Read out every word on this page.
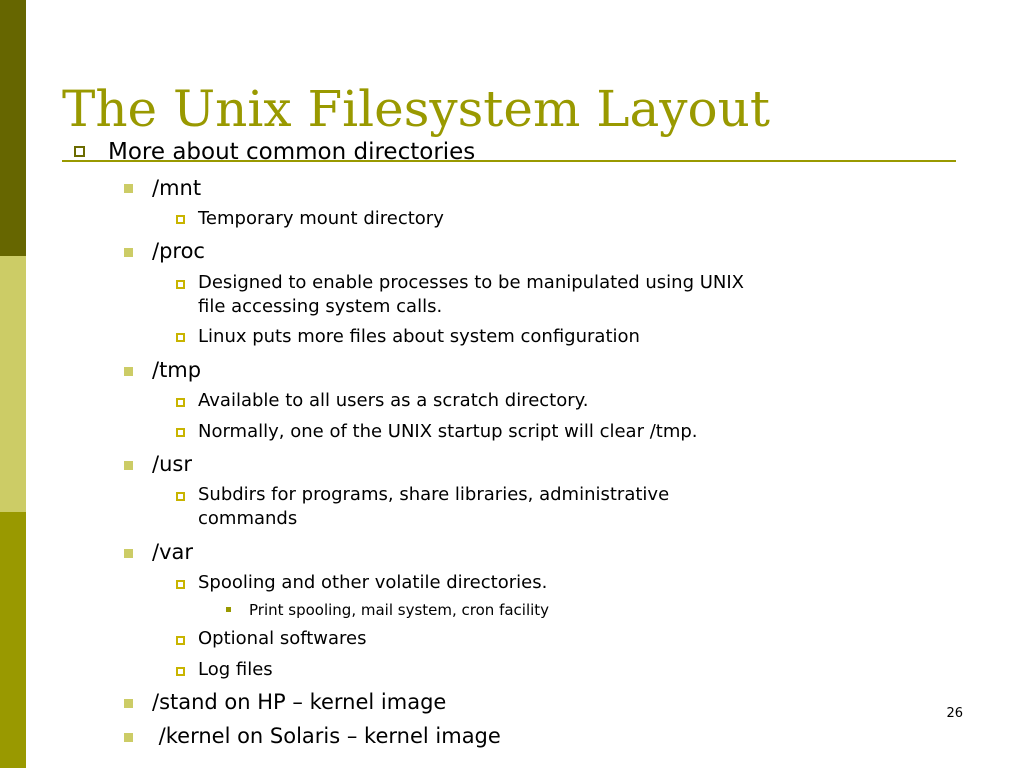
The Unix Filesystem Layout
More about common directories
/mnt
Temporary mount directory
/proc
Designed to enable processes to be manipulated using UNIX
file accessing system calls.
Linux puts more files about system configuration
/tmp
Available to all users as a scratch directory.
Normally, one of the UNIX startup script will clear /tmp.
/usr
Subdirs for programs, share libraries, administrative
commands
/var
Spooling and other volatile directories.
Print spooling, mail system, cron facility
Optional softwares
Log files
/stand on HP – kernel image
/kernel on Solaris – kernel image
26
